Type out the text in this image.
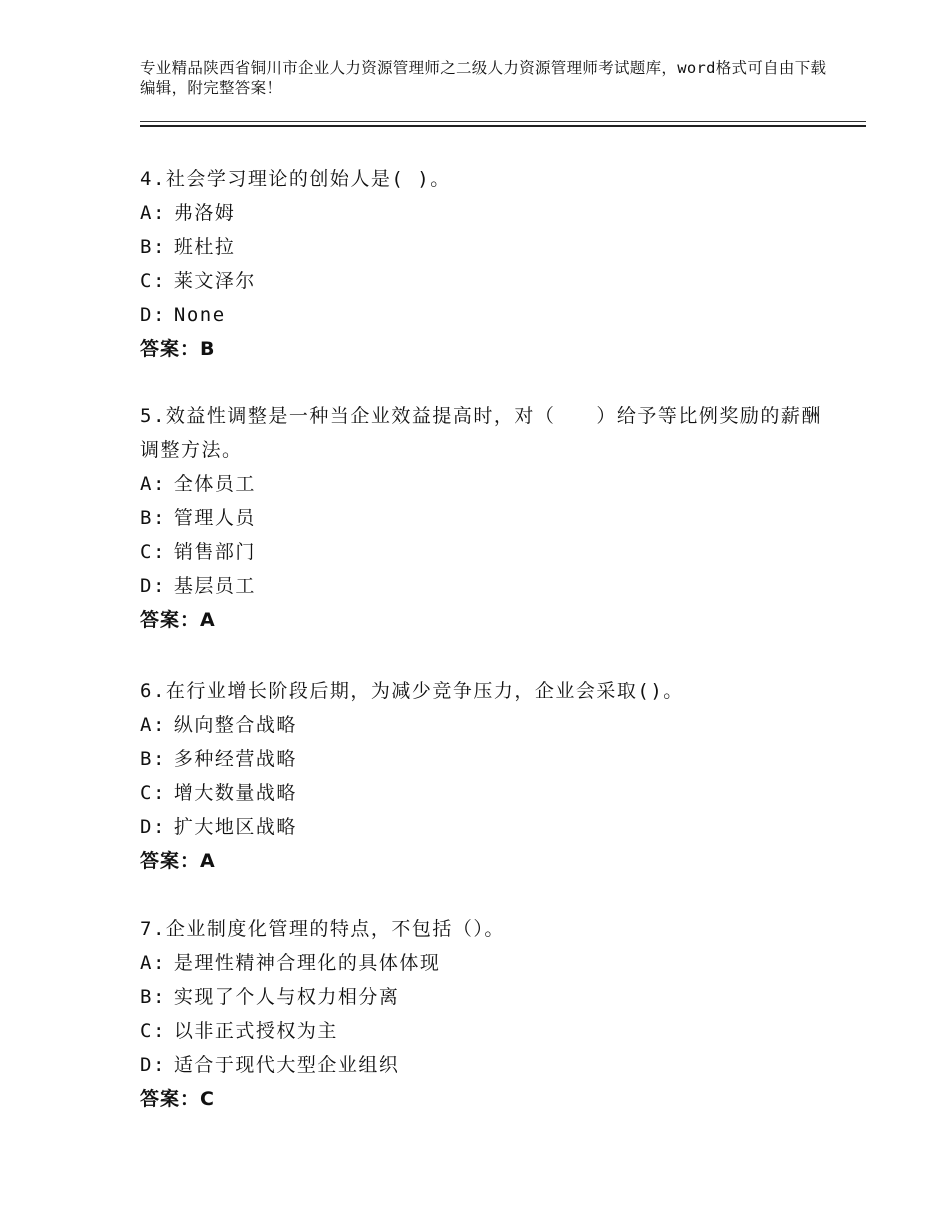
专业精品陕西省铜川市企业人力资源管理师之二级人力资源管理师考试题库，word格式可自由下载编辑，附完整答案！

4.社会学习理论的创始人是( )。

A: 弗洛姆

B: 班杜拉

C: 莱文泽尔

D: None

答案：B

5.效益性调整是一种当企业效益提高时，对（　　）给予等比例奖励的薪酬调整方法。

A: 全体员工

B: 管理人员

C: 销售部门

D: 基层员工

答案：A

6.在行业增长阶段后期，为减少竞争压力，企业会采取()。

A: 纵向整合战略

B: 多种经营战略

C: 增大数量战略

D: 扩大地区战略

答案：A

7.企业制度化管理的特点，不包括（）。

A: 是理性精神合理化的具体体现

B: 实现了个人与权力相分离

C: 以非正式授权为主

D: 适合于现代大型企业组织

答案：C
